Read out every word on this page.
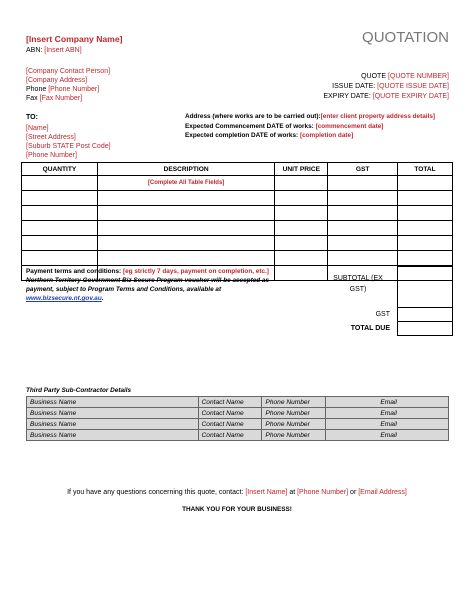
[Insert Company Name]
ABN: [Insert ABN]
[Company Contact Person]
[Company Address]
Phone [Phone Number]
Fax [Fax Number]
QUOTATION
QUOTE [QUOTE NUMBER]
ISSUE DATE: [QUOTE ISSUE DATE]
EXPIRY DATE: [QUOTE EXPIRY DATE]
TO:
[Name]
[Street Address]
[Suburb STATE Post Code]
[Phone Number]
Address (where works are to be carried out):[enter client property address details]
Expected Commencement DATE of works: [commencement date]
Expected completion DATE of works: [completion date]
QUANTITY	DESCRIPTION	UNIT PRICE	GST	TOTAL
	[Complete All Table Fields]			

Payment terms and conditions: [eg strictly 7 days, payment on completion, etc.]
Northern Territory Government Biz Secure Program voucher will be accepted as
payment, subject to Program Terms and Conditions, available at
www.bizsecure.nt.gov.au.
SUBTOTAL (EX
GST)
GST
TOTAL DUE

Third Party Sub-Contractor Details
Business Name	Contact Name	Phone Number	Email
Business Name	Contact Name	Phone Number	Email
Business Name	Contact Name	Phone Number	Email
Business Name	Contact Name	Phone Number	Email
If you have any questions concerning this quote, contact: [Insert Name] at [Phone Number] or [Email Address]
THANK YOU FOR YOUR BUSINESS!
